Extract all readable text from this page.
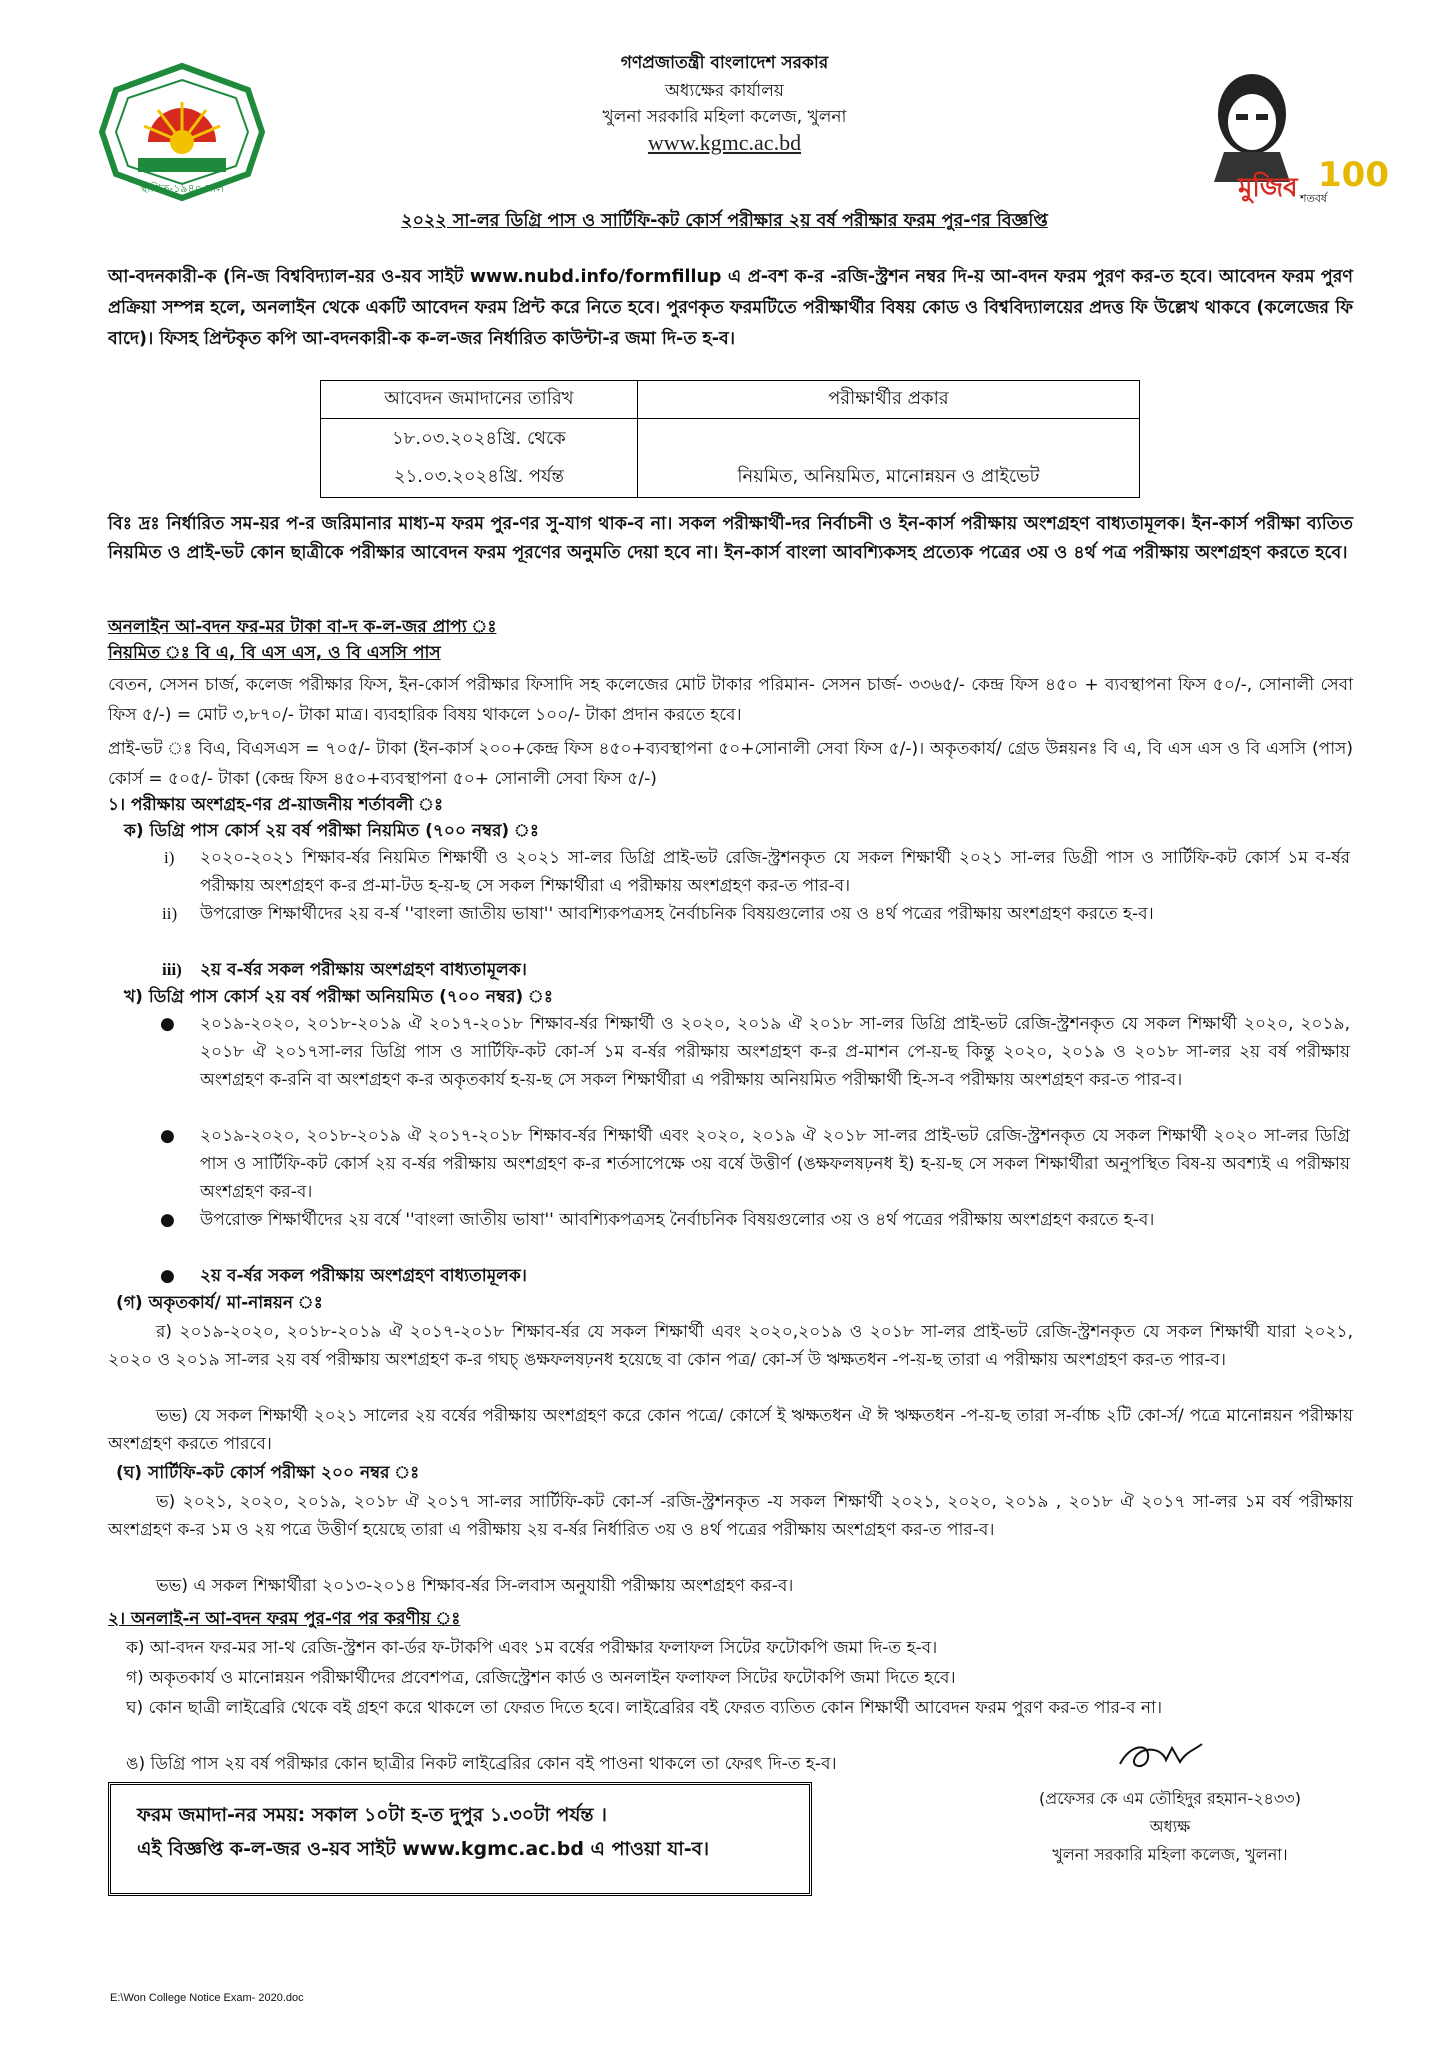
গণপ্রজাতন্ত্রী বাংলাদেশ সরকার
অধ্যক্ষের কার্যালয়
খুলনা সরকারি মহিলা কলেজ, খুলনা
www.kgmc.ac.bd
স্থাপিত-১৯৪০ সাল	মুজিব শতবর্ষ
100
২০২২ সা-লর ডিগ্রি পাস ও সার্টিফি-কট কোর্স পরীক্ষার ২য় বর্ষ পরীক্ষার ফরম পুর-ণর বিজ্ঞপ্তি
আ-বদনকারী-ক (নি-জ বিশ্ববিদ্যাল-য়র ও-য়ব সাইট www.nubd.info/formfillup এ প্র-বশ ক-র -রজি-স্ট্রশন নম্বর দি-য় আ-বদন ফরম পুরণ কর-ত হবে। আবেদন ফরম পুরণ প্রক্রিয়া সম্পন্ন হলে, অনলাইন থেকে একটি আবেদন ফরম প্রিন্ট করে নিতে হবে। পুরণকৃত ফরমটিতে পরীক্ষার্থীর বিষয় কোড ও বিশ্ববিদ্যালয়ের প্রদত্ত ফি উল্লেখ থাকবে (কলেজের ফি বাদে)। ফিসহ প্রিন্টকৃত কপি আ-বদনকারী-ক ক-ল-জর নির্ধারিত কাউন্টা-র জমা দি-ত হ-ব।
আবেদন জমাদানের তারিখ	পরীক্ষার্থীর প্রকার

১৮.০৩.২০২৪খ্রি. থেকে
২১.০৩.২০২৪খ্রি. পর্যন্ত	নিয়মিত, অনিয়মিত, মানোন্নয়ন ও প্রাইভেট
বিঃ দ্রঃ নির্ধারিত সম-য়র প-র জরিমানার মাধ্য-ম ফরম পুর-ণর সু-যাগ থাক-ব না। সকল পরীক্ষার্থী-দর নির্বাচনী ও ইন-কার্স পরীক্ষায় অংশগ্রহণ বাধ্যতামূলক। ইন-কার্স পরীক্ষা ব্যতিত নিয়মিত ও প্রাই-ভট কোন ছাত্রীকে পরীক্ষার আবেদন ফরম পূরণের অনুমতি দেয়া হবে না। ইন-কার্স বাংলা আবশ্যিকসহ প্রত্যেক পত্রের ৩য় ও ৪র্থ পত্র পরীক্ষায় অংশগ্রহণ করতে হবে।
অনলাইন আ-বদন ফর-মর টাকা বা-দ ক-ল-জর প্রাপ্য ঃ
নিয়মিত ঃ বি এ, বি এস এস, ও বি এসসি পাস
বেতন, সেসন চার্জ, কলেজ পরীক্ষার ফিস, ইন-কোর্স পরীক্ষার ফিসাদি সহ কলেজের মোট টাকার পরিমান- সেসন চার্জ- ৩৩৬৫/- কেন্দ্র ফিস ৪৫০ + ব্যবস্থাপনা ফিস ৫০/-, সোনালী সেবা ফিস ৫/-) = মোট ৩,৮৭০/- টাকা মাত্র। ব্যবহারিক বিষয় থাকলে ১০০/- টাকা প্রদান করতে হবে।
প্রাই-ভট ঃ বিএ, বিএসএস = ৭০৫/- টাকা (ইন-কার্স ২০০+কেন্দ্র ফিস ৪৫০+ব্যবস্থাপনা ৫০+সোনালী সেবা ফিস ৫/-)। অকৃতকার্য/ গ্রেড উন্নয়নঃ বি এ, বি এস এস ও বি এসসি (পাস) কোর্স = ৫০৫/- টাকা (কেন্দ্র ফিস ৪৫০+ব্যবস্থাপনা ৫০+ সোনালী সেবা ফিস ৫/-)
১। পরীক্ষায় অংশগ্রহ-ণর প্র-য়াজনীয় শর্তাবলী ঃ
ক) ডিগ্রি পাস কোর্স ২য় বর্ষ পরীক্ষা নিয়মিত (৭০০ নম্বর) ঃ
i) ২০২০-২০২১ শিক্ষাব-র্ষর নিয়মিত শিক্ষার্থী ও ২০২১ সা-লর ডিগ্রি প্রাই-ভট রেজি-স্ট্রশনকৃত যে সকল শিক্ষার্থী ২০২১ সা-লর ডিগ্রী পাস ও সার্টিফি-কট কোর্স ১ম ব-র্ষর পরীক্ষায় অংশগ্রহণ ক-র প্র-মা-টড হ-য়-ছ সে সকল শিক্ষার্থীরা এ পরীক্ষায় অংশগ্রহণ কর-ত পার-ব।
ii) উপরোক্ত শিক্ষার্থীদের ২য় ব-র্ষ ''বাংলা জাতীয় ভাষা'' আবশ্যিকপত্রসহ নৈর্বাচনিক বিষয়গুলোর ৩য় ও ৪র্থ পত্রের পরীক্ষায় অংশগ্রহণ করতে হ-ব।
iii) ২য় ব-র্ষর সকল পরীক্ষায় অংশগ্রহণ বাধ্যতামূলক।
খ) ডিগ্রি পাস কোর্স ২য় বর্ষ পরীক্ষা অনিয়মিত (৭০০ নম্বর) ঃ
● ২০১৯-২০২০, ২০১৮-২০১৯ ঐ ২০১৭-২০১৮ শিক্ষাব-র্ষর শিক্ষার্থী ও ২০২০, ২০১৯ ঐ ২০১৮ সা-লর ডিগ্রি প্রাই-ভট রেজি-স্ট্রশনকৃত যে সকল শিক্ষার্থী ২০২০, ২০১৯, ২০১৮ ঐ ২০১৭সা-লর ডিগ্রি পাস ও সার্টিফি-কট কো-র্স ১ম ব-র্ষর পরীক্ষায় অংশগ্রহণ ক-র প্র-মাশন পে-য়-ছ কিন্তু ২০২০, ২০১৯ ও ২০১৮ সা-লর ২য় বর্ষ পরীক্ষায় অংশগ্রহণ ক-রনি বা অংশগ্রহণ ক-র অকৃতকার্য হ-য়-ছ সে সকল শিক্ষার্থীরা এ পরীক্ষায় অনিয়মিত পরীক্ষার্থী হি-স-ব পরীক্ষায় অংশগ্রহণ কর-ত পার-ব।
● ২০১৯-২০২০, ২০১৮-২০১৯ ঐ ২০১৭-২০১৮ শিক্ষাব-র্ষর শিক্ষার্থী এবং ২০২০, ২০১৯ ঐ ২০১৮ সা-লর প্রাই-ভট রেজি-স্ট্রশনকৃত যে সকল শিক্ষার্থী ২০২০ সা-লর ডিগ্রি পাস ও সার্টিফি-কট কোর্স ২য় ব-র্ষর পরীক্ষায় অংশগ্রহণ ক-র শর্তসাপেক্ষে ৩য় বর্ষে উত্তীর্ণ (ঙক্ষফলষঢ়নধ ই) হ-য়-ছ সে সকল শিক্ষার্থীরা অনুপস্থিত বিষ-য় অবশ্যই এ পরীক্ষায় অংশগ্রহণ কর-ব।
● উপরোক্ত শিক্ষার্থীদের ২য় বর্ষে ''বাংলা জাতীয় ভাষা'' আবশ্যিকপত্রসহ নৈর্বাচনিক বিষয়গুলোর ৩য় ও ৪র্থ পত্রের পরীক্ষায় অংশগ্রহণ করতে হ-ব।
● ২য় ব-র্ষর সকল পরীক্ষায় অংশগ্রহণ বাধ্যতামূলক।
(গ) অকৃতকার্য/ মা-নান্নয়ন ঃ
র) ২০১৯-২০২০, ২০১৮-২০১৯ ঐ ২০১৭-২০১৮ শিক্ষাব-র্ষর যে সকল শিক্ষার্থী এবং ২০২০,২০১৯ ও ২০১৮ সা-লর প্রাই-ভট রেজি-স্ট্রশনকৃত যে সকল শিক্ষার্থী যারা ২০২১, ২০২০ ও ২০১৯ সা-লর ২য় বর্ষ পরীক্ষায় অংশগ্রহণ ক-র গঘচ্ ঙক্ষফলষঢ়নধ হয়েছে বা কোন পত্র/ কো-র্স উ ঋক্ষতধন -প-য়-ছ তারা এ পরীক্ষায় অংশগ্রহণ কর-ত পার-ব।
ভভ) যে সকল শিক্ষার্থী ২০২১ সালের ২য় বর্ষের পরীক্ষায় অংশগ্রহণ করে কোন পত্রে/ কোর্সে ই ঋক্ষতধন ঐ ঈ ঋক্ষতধন -প-য়-ছ তারা স-র্বাচ্চ ২টি কো-র্স/ পত্রে মানোন্নয়ন পরীক্ষায় অংশগ্রহণ করতে পারবে।
(ঘ) সার্টিফি-কট কোর্স পরীক্ষা ২০০ নম্বর ঃ
ভ) ২০২১, ২০২০, ২০১৯, ২০১৮ ঐ ২০১৭ সা-লর সার্টিফি-কট কো-র্স -রজি-স্ট্রশনকৃত -য সকল শিক্ষার্থী ২০২১, ২০২০, ২০১৯ , ২০১৮ ঐ ২০১৭ সা-লর ১ম বর্ষ পরীক্ষায় অংশগ্রহণ ক-র ১ম ও ২য় পত্রে উত্তীর্ণ হয়েছে তারা এ পরীক্ষায় ২য় ব-র্ষর নির্ধারিত ৩য় ও ৪র্থ পত্রের পরীক্ষায় অংশগ্রহণ কর-ত পার-ব।
ভভ) এ সকল শিক্ষার্থীরা ২০১৩-২০১৪ শিক্ষাব-র্ষর সি-লবাস অনুযায়ী পরীক্ষায় অংশগ্রহণ কর-ব।
২। অনলাই-ন আ-বদন ফরম পুর-ণর পর করণীয় ঃ
ক) আ-বদন ফর-মর সা-থ রেজি-স্ট্রশন কা-র্ডর ফ-টাকপি এবং ১ম বর্ষের পরীক্ষার ফলাফল সিটের ফটোকপি জমা দি-ত হ-ব।
গ) অকৃতকার্য ও মানোন্নয়ন পরীক্ষার্থীদের প্রবেশপত্র, রেজিস্ট্রেশন কার্ড ও অনলাইন ফলাফল সিটের ফটোকপি জমা দিতে হবে।
ঘ) কোন ছাত্রী লাইব্রেরি থেকে বই গ্রহণ করে থাকলে তা ফেরত দিতে হবে। লাইব্রেরির বই ফেরত ব্যতিত কোন শিক্ষার্থী আবেদন ফরম পুরণ কর-ত পার-ব না।
ঙ) ডিগ্রি পাস ২য় বর্ষ পরীক্ষার কোন ছাত্রীর নিকট লাইব্রেরির কোন বই পাওনা থাকলে তা ফেরৎ দি-ত হ-ব।
ফরম জমাদা-নর সময়: সকাল ১০টা হ-ত দুপুর ১.৩০টা পর্যন্ত ।
এই বিজ্ঞপ্তি ক-ল-জর ও-য়ব সাইট www.kgmc.ac.bd এ পাওয়া যা-ব।
(প্রফেসর কে এম তৌহিদুর রহমান-২৪৩৩)
অধ্যক্ষ
খুলনা সরকারি মহিলা কলেজ, খুলনা।
E:\Won College Notice Exam- 2020.doc
